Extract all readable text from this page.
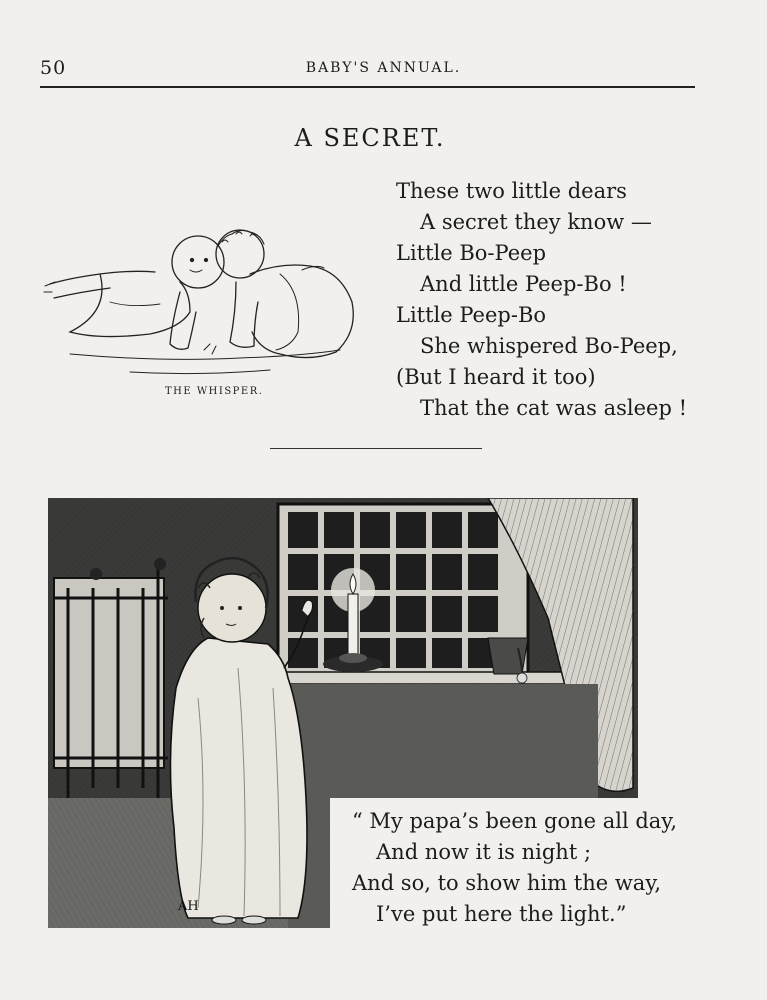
50	BABY'S ANNUAL.
A SECRET.
These two little dears
A secret they know —
Little Bo-Peep
And little Peep-Bo !
Little Peep-Bo
She whispered Bo-Peep,
(But I heard it too)
That the cat was asleep !
THE WHISPER.
AH
“ My papa’s been gone all day,
And now it is night ;
And so, to show him the way,
I’ve put here the light.”
